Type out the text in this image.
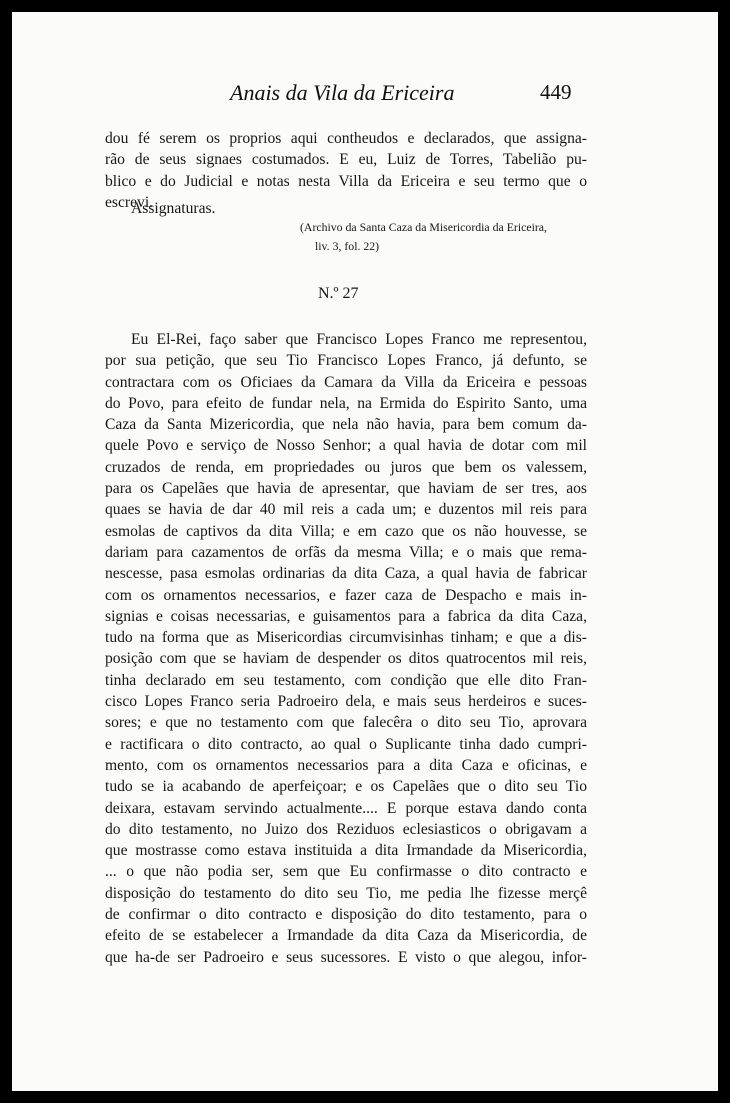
Anais da Vila da Ericeira	449
dou fé serem os proprios aqui contheudos e declarados, que assigna-
rão de seus signaes costumados. E eu, Luiz de Torres, Tabelião pu-
blico e do Judicial e notas nesta Villa da Ericeira e seu termo que o
escrevi.
Assignaturas.
(Archivo da Santa Caza da Misericordia da Ericeira,
liv. 3, fol. 22)
N.º 27
Eu El-Rei, faço saber que Francisco Lopes Franco me representou,
por sua petição, que seu Tio Francisco Lopes Franco, já defunto, se
contractara com os Oficiaes da Camara da Villa da Ericeira e pessoas
do Povo, para efeito de fundar nela, na Ermida do Espirito Santo, uma
Caza da Santa Mizericordia, que nela não havia, para bem comum da-
quele Povo e serviço de Nosso Senhor; a qual havia de dotar com mil
cruzados de renda, em propriedades ou juros que bem os valessem,
para os Capelães que havia de apresentar, que haviam de ser tres, aos
quaes se havia de dar 40 mil reis a cada um; e duzentos mil reis para
esmolas de captivos da dita Villa; e em cazo que os não houvesse, se
dariam para cazamentos de orfãs da mesma Villa; e o mais que rema-
nescesse, pasa esmolas ordinarias da dita Caza, a qual havia de fabricar
com os ornamentos necessarios, e fazer caza de Despacho e mais in-
signias e coisas necessarias, e guisamentos para a fabrica da dita Caza,
tudo na forma que as Misericordias circumvisinhas tinham; e que a dis-
posição com que se haviam de despender os ditos quatrocentos mil reis,
tinha declarado em seu testamento, com condição que elle dito Fran-
cisco Lopes Franco seria Padroeiro dela, e mais seus herdeiros e suces-
sores; e que no testamento com que falecêra o dito seu Tio, aprovara
e ractificara o dito contracto, ao qual o Suplicante tinha dado cumpri-
mento, com os ornamentos necessarios para a dita Caza e oficinas, e
tudo se ia acabando de aperfeiçoar; e os Capelães que o dito seu Tio
deixara, estavam servindo actualmente.... E porque estava dando conta
do dito testamento, no Juizo dos Reziduos eclesiasticos o obrigavam a
que mostrasse como estava instituida a dita Irmandade da Misericordia,
... o que não podia ser, sem que Eu confirmasse o dito contracto e
disposição do testamento do dito seu Tio, me pedia lhe fizesse merçê
de confirmar o dito contracto e disposição do dito testamento, para o
efeito de se estabelecer a Irmandade da dita Caza da Misericordia, de
que ha-de ser Padroeiro e seus sucessores. E visto o que alegou, infor-
